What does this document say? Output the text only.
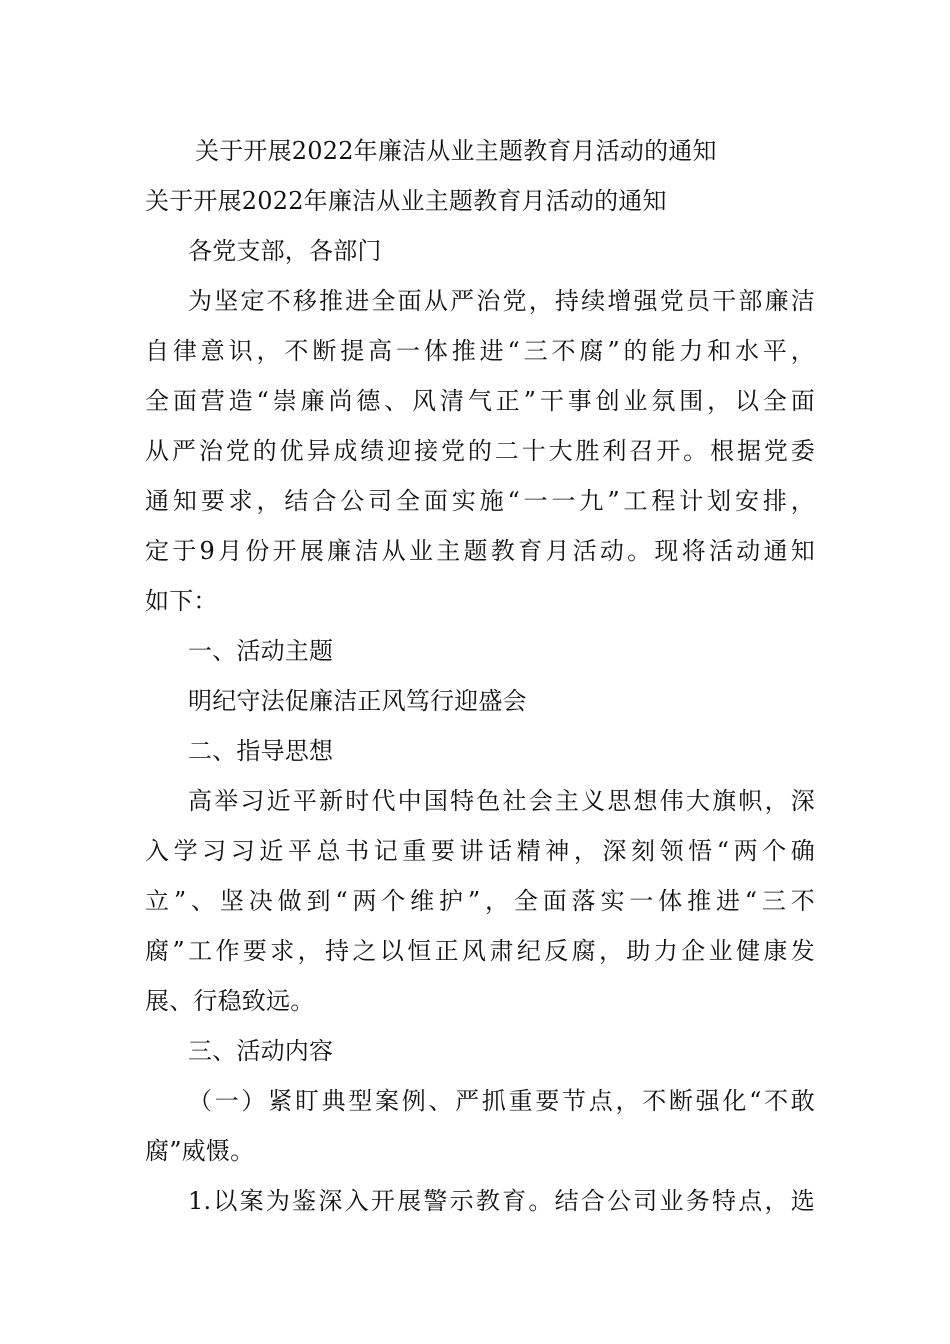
关于开展2022年廉洁从业主题教育月活动的通知
关于开展2022年廉洁从业主题教育月活动的通知
各党支部，各部门
为坚定不移推进全面从严治党，持续增强党员干部廉洁
自律意识，不断提高一体推进“三不腐”的能力和水平，
全面营造“崇廉尚德、风清气正”干事创业氛围，以全面
从严治党的优异成绩迎接党的二十大胜利召开。根据党委
通知要求，结合公司全面实施“一一九”工程计划安排，
定于9月份开展廉洁从业主题教育月活动。现将活动通知
如下：
一、活动主题
明纪守法促廉洁正风笃行迎盛会
二、指导思想
高举习近平新时代中国特色社会主义思想伟大旗帜，深
入学习习近平总书记重要讲话精神，深刻领悟“两个确
立”、坚决做到“两个维护”，全面落实一体推进“三不
腐”工作要求，持之以恒正风肃纪反腐，助力企业健康发
展、行稳致远。
三、活动内容
（一）紧盯典型案例、严抓重要节点，不断强化“不敢
腐”威慑。
1.以案为鉴深入开展警示教育。结合公司业务特点，选
